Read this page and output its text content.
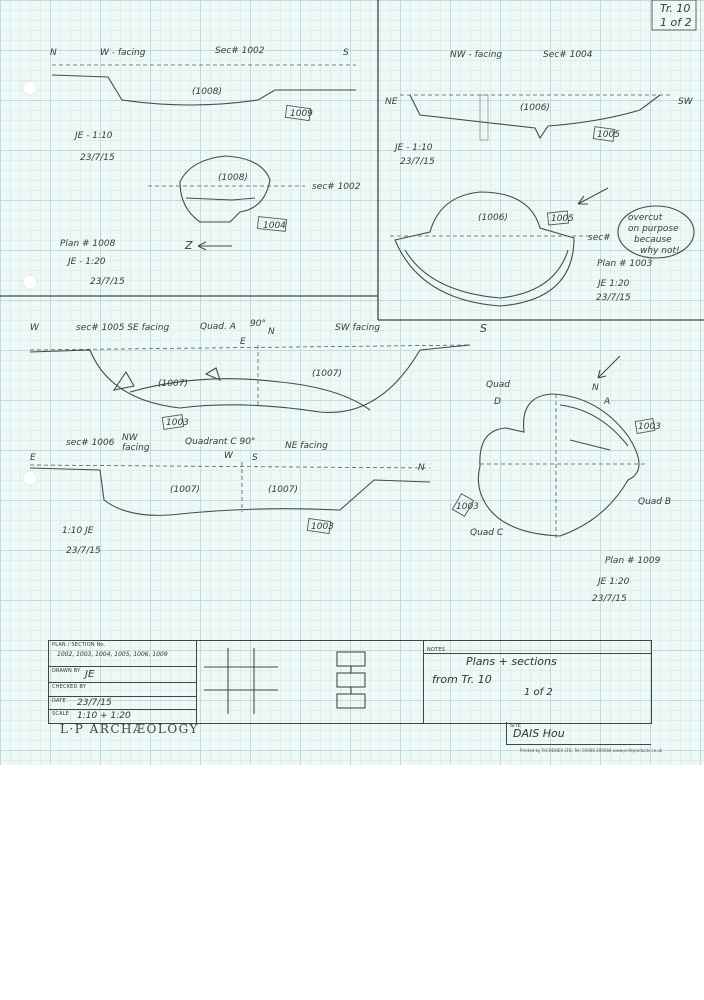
Tr. 10
1 of 2
N	S
W - facing	Sec# 1002
(1008)
1009
JE - 1:10
23/7/15
(1008)
1004
sec# 1002
Plan # 1008
JE - 1:20
23/7/15
Z
NW - facing	Sec# 1004
NE	SW
(1006)
1005
JE - 1:10
23/7/15
(1006)	1005
sec#
overcut
on purpose
because
why not!
Plan # 1003
JE 1:20
23/7/15
W	S
sec# 1005 SE facing	Quad. A 90°
E
N	SW facing
(1007)
(1007)
1003
sec# 1006 NW
facing
Quadrant C 90°	NE facing
E
N
W S
(1007)	(1007)
1003
1:10 JE
23/7/15
Quad
D	A
Quad B
Quad C
1003
1003
N
Plan # 1009
JE 1:20
23/7/15
PLAN / SECTION No.
1002, 1003, 1004, 1005, 1006, 1009
DRAWN BY JE
CHECKED BY
DATE 23/7/15
SCALE 1:10 + 1:20
NOTES
Plans + sections
from Tr. 10
1 of 2
SITE
DAIS Hou
L·P ARCHÆOLOGY
Printed by TeCHDOEX LTD. Tel: 01908 200568 www.printproducts.co.uk
